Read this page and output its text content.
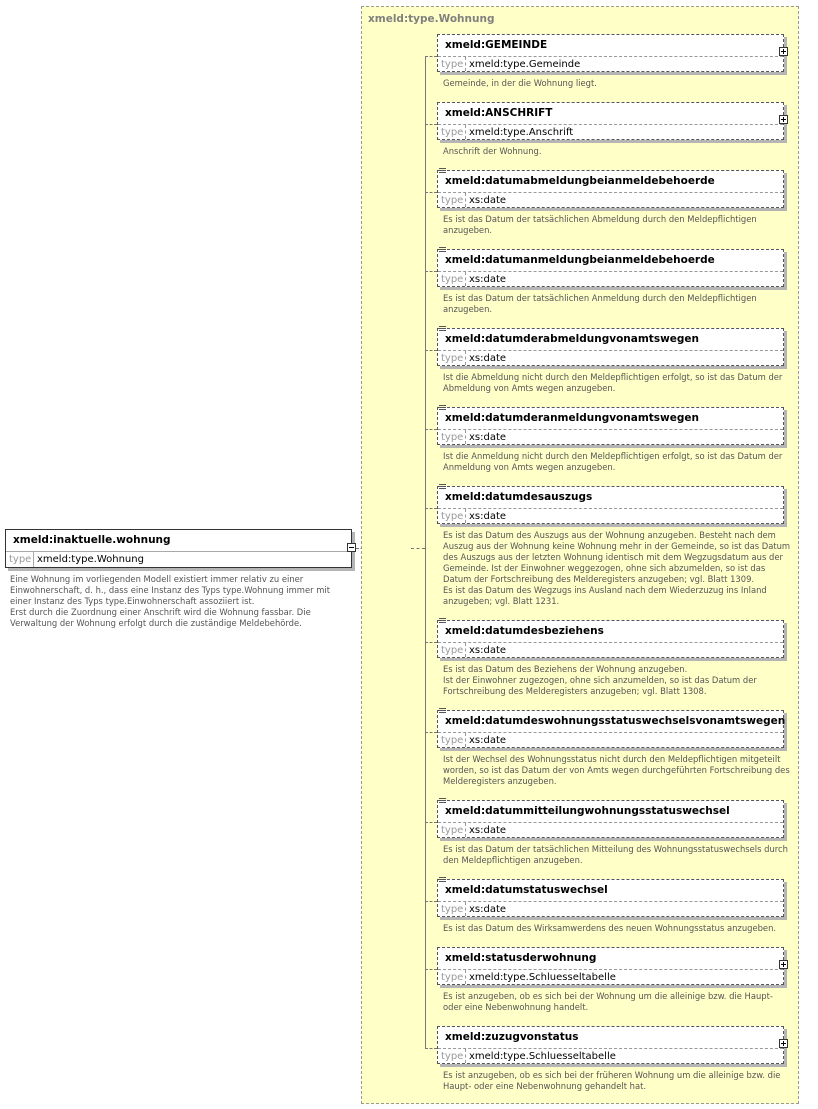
xmeld:inaktuelle.wohnung
type xmeld:type.Wohnung
Eine Wohnung im vorliegenden Modell existiert immer relativ zu einer
Einwohnerschaft, d. h., dass eine Instanz des Typs type.Wohnung immer mit
einer Instanz des Typs type.Einwohnerschaft assoziiert ist.
Erst durch die Zuordnung einer Anschrift wird die Wohnung fassbar. Die
Verwaltung der Wohnung erfolgt durch die zuständige Meldebehörde.
xmeld:type.Wohnung
xmeld:GEMEINDE
type xmeld:type.Gemeinde
Gemeinde, in der die Wohnung liegt.
xmeld:ANSCHRIFT
type xmeld:type.Anschrift
Anschrift der Wohnung.
xmeld:datumabmeldungbeianmeldebehoerde
type xs:date
Es ist das Datum der tatsächlichen Abmeldung durch den Meldepflichtigen
anzugeben.
xmeld:datumanmeldungbeianmeldebehoerde
type xs:date
Es ist das Datum der tatsächlichen Anmeldung durch den Meldepflichtigen
anzugeben.
xmeld:datumderabmeldungvonamtswegen
type xs:date
Ist die Abmeldung nicht durch den Meldepflichtigen erfolgt, so ist das Datum der
Abmeldung von Amts wegen anzugeben.
xmeld:datumderanmeldungvonamtswegen
type xs:date
Ist die Anmeldung nicht durch den Meldepflichtigen erfolgt, so ist das Datum der
Anmeldung von Amts wegen anzugeben.
xmeld:datumdesauszugs
type xs:date
Es ist das Datum des Auszugs aus der Wohnung anzugeben. Besteht nach dem
Auszug aus der Wohnung keine Wohnung mehr in der Gemeinde, so ist das Datum
des Auszugs aus der letzten Wohnung identisch mit dem Wegzugsdatum aus der
Gemeinde. Ist der Einwohner weggezogen, ohne sich abzumelden, so ist das
Datum der Fortschreibung des Melderegisters anzugeben; vgl. Blatt 1309.
Es ist das Datum des Wegzugs ins Ausland nach dem Wiederzuzug ins Inland
anzugeben; vgl. Blatt 1231.
xmeld:datumdesbeziehens
type xs:date
Es ist das Datum des Beziehens der Wohnung anzugeben.
Ist der Einwohner zugezogen, ohne sich anzumelden, so ist das Datum der
Fortschreibung des Melderegisters anzugeben; vgl. Blatt 1308.
xmeld:datumdeswohnungsstatuswechselsvonamtswegen
type xs:date
Ist der Wechsel des Wohnungsstatus nicht durch den Meldepflichtigen mitgeteilt
worden, so ist das Datum der von Amts wegen durchgeführten Fortschreibung des
Melderegisters anzugeben.
xmeld:datummitteilungwohnungsstatuswechsel
type xs:date
Es ist das Datum der tatsächlichen Mitteilung des Wohnungsstatuswechsels durch
den Meldepflichtigen anzugeben.
xmeld:datumstatuswechsel
type xs:date
Es ist das Datum des Wirksamwerdens des neuen Wohnungsstatus anzugeben.
xmeld:statusderwohnung
type xmeld:type.Schluesseltabelle
Es ist anzugeben, ob es sich bei der Wohnung um die alleinige bzw. die Haupt-
oder eine Nebenwohnung handelt.
xmeld:zuzugvonstatus
type xmeld:type.Schluesseltabelle
Es ist anzugeben, ob es sich bei der früheren Wohnung um die alleinige bzw. die
Haupt- oder eine Nebenwohnung gehandelt hat.
